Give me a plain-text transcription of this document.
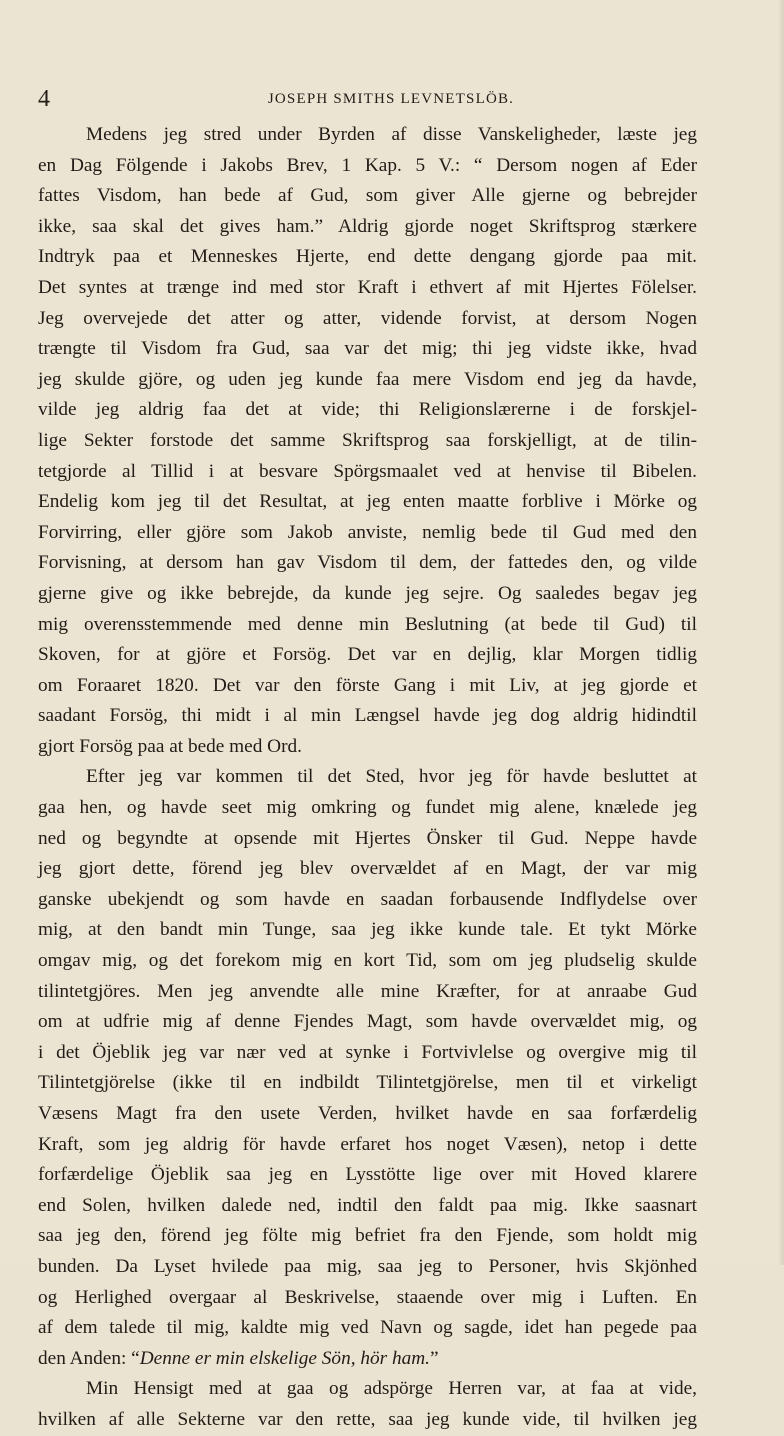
4	JOSEPH SMITHS LEVNETSLÖB.
Medens jeg stred under Byrden af disse Vanskeligheder, læste jeg
en Dag Fölgende i Jakobs Brev, 1 Kap. 5 V.: “ Dersom nogen af Eder
fattes Visdom, han bede af Gud, som giver Alle gjerne og bebrejder
ikke, saa skal det gives ham.” Aldrig gjorde noget Skriftsprog stærkere
Indtryk paa et Menneskes Hjerte, end dette dengang gjorde paa mit.
Det syntes at trænge ind med stor Kraft i ethvert af mit Hjertes Fölelser.
Jeg overvejede det atter og atter, vidende forvist, at dersom Nogen
trængte til Visdom fra Gud, saa var det mig; thi jeg vidste ikke, hvad
jeg skulde gjöre, og uden jeg kunde faa mere Visdom end jeg da havde,
vilde jeg aldrig faa det at vide; thi Religionslærerne i de forskjel-
lige Sekter forstode det samme Skriftsprog saa forskjelligt, at de tilin-
tetgjorde al Tillid i at besvare Spörgsmaalet ved at henvise til Bibelen.
Endelig kom jeg til det Resultat, at jeg enten maatte forblive i Mörke og
Forvirring, eller gjöre som Jakob anviste, nemlig bede til Gud med den
Forvisning, at dersom han gav Visdom til dem, der fattedes den, og vilde
gjerne give og ikke bebrejde, da kunde jeg sejre. Og saaledes begav jeg
mig overensstemmende med denne min Beslutning (at bede til Gud) til
Skoven, for at gjöre et Forsög. Det var en dejlig, klar Morgen tidlig
om Foraaret 1820. Det var den förste Gang i mit Liv, at jeg gjorde et
saadant Forsög, thi midt i al min Længsel havde jeg dog aldrig hidindtil
gjort Forsög paa at bede med Ord.
Efter jeg var kommen til det Sted, hvor jeg för havde besluttet at
gaa hen, og havde seet mig omkring og fundet mig alene, knælede jeg
ned og begyndte at opsende mit Hjertes Önsker til Gud. Neppe havde
jeg gjort dette, förend jeg blev overvældet af en Magt, der var mig
ganske ubekjendt og som havde en saadan forbausende Indflydelse over
mig, at den bandt min Tunge, saa jeg ikke kunde tale. Et tykt Mörke
omgav mig, og det forekom mig en kort Tid, som om jeg pludselig skulde
tilintetgjöres. Men jeg anvendte alle mine Kræfter, for at anraabe Gud
om at udfrie mig af denne Fjendes Magt, som havde overvældet mig, og
i det Öjeblik jeg var nær ved at synke i Fortvivlelse og overgive mig til
Tilintetgjörelse (ikke til en indbildt Tilintetgjörelse, men til et virkeligt
Væsens Magt fra den usete Verden, hvilket havde en saa forfærdelig
Kraft, som jeg aldrig för havde erfaret hos noget Væsen), netop i dette
forfærdelige Öjeblik saa jeg en Lysstötte lige over mit Hoved klarere
end Solen, hvilken dalede ned, indtil den faldt paa mig. Ikke saasnart
saa jeg den, förend jeg fölte mig befriet fra den Fjende, som holdt mig
bunden. Da Lyset hvilede paa mig, saa jeg to Personer, hvis Skjönhed
og Herlighed overgaar al Beskrivelse, staaende over mig i Luften. En
af dem talede til mig, kaldte mig ved Navn og sagde, idet han pegede paa
den Anden: “Denne er min elskelige Sön, hör ham.”
Min Hensigt med at gaa og adspörge Herren var, at faa at vide,
hvilken af alle Sekterne var den rette, saa jeg kunde vide, til hvilken jeg
